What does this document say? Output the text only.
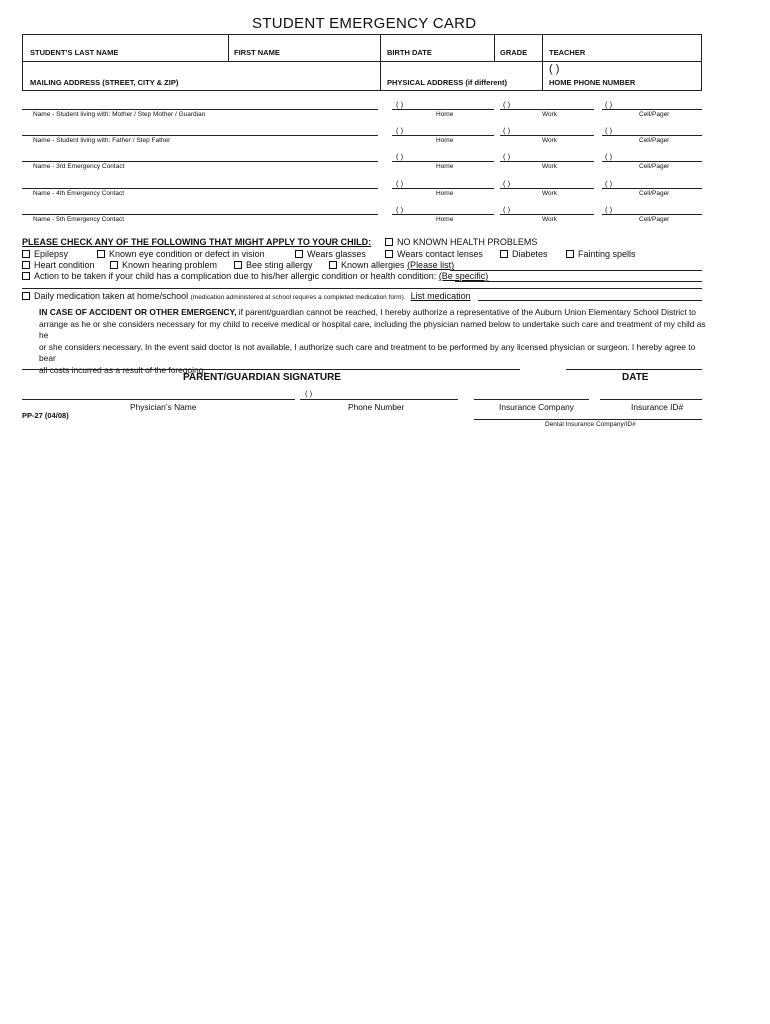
STUDENT EMERGENCY CARD
STUDENT’S LAST NAME	FIRST NAME	BIRTH DATE	GRADE	TEACHER
MAILING ADDRESS (STREET, CITY & ZIP)	PHYSICAL ADDRESS (if different)
( )
HOME PHONE NUMBER
( )	( )	( )
Name - Student living with: Mother / Step Mother / Guardian	Home	Work	Cell/Pager
( )	( )	( )
Name - Student living with: Father / Step Father	Home	Work	Cell/Pager
( )	( )	( )
Name - 3rd Emergency Contact	Home	Work	Cell/Pager
( )	( )	( )
Name - 4th Emergency Contact	Home	Work	Cell/Pager
( )	( )	( )
Name - 5th Emergency Contact	Home	Work	Cell/Pager
PLEASE CHECK ANY OF THE FOLLOWING THAT MIGHT APPLY TO YOUR CHILD:	NO KNOWN HEALTH PROBLEMS
Epilepsy	Known eye condition or defect in vision	Wears glasses	Wears contact lenses	Diabetes	Fainting spells
Heart condition	Known hearing problem	Bee sting allergy	Known allergies (Please list)
Action to be taken if your child has a complication due to his/her allergic condition or health condition: (Be specific)
Daily medication taken at home/school (medication administered at school requires a completed medication form). List medication
IN CASE OF ACCIDENT OR OTHER EMERGENCY, if parent/guardian cannot be reached, I hereby authorize a representative of the Auburn Union Elementary School District to
arrange as he or she considers necessary for my child to receive medical or hospital care, including the physician named below to undertake such care and treatment of my child as he
or she considers necessary. In the event said doctor is not available, I authorize such care and treatment to be performed by any licensed physician or surgeon. I hereby agree to bear
all costs incurred as a result of the foregoing.
PARENT/GUARDIAN SIGNATURE	DATE
( )
Physician’s Name	Phone Number	Insurance Company	Insurance ID#
PP-27 (04/08)
Dental Insurance Company/ID#
